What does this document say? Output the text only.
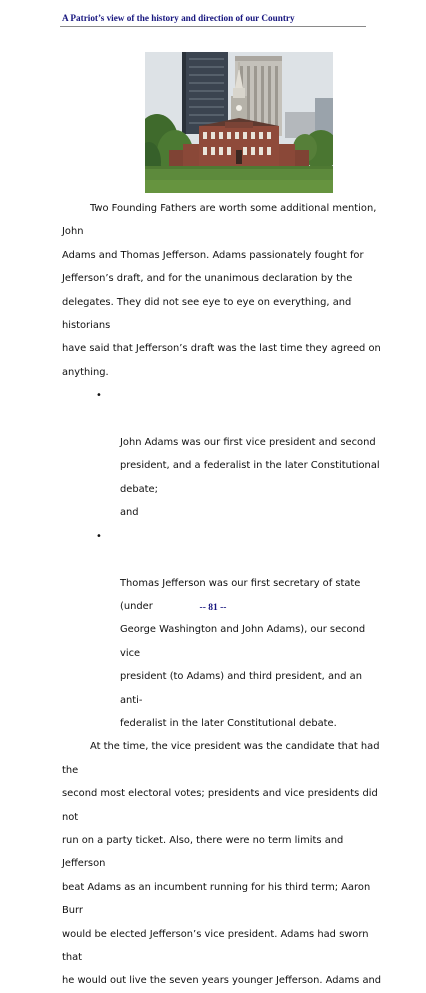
A Patriot’s view of the history and direction of our Country

Two Founding Fathers are worth some additional mention, John
Adams and Thomas Jefferson. Adams passionately fought for
Jefferson’s draft, and for the unanimous declaration by the
delegates. They did not see eye to eye on everything, and historians
have said that Jefferson’s draft was the last time they agreed on
anything.

•

John Adams was our first vice president and second
president, and a federalist in the later Constitutional debate;
and

•

Thomas Jefferson was our first secretary of state (under
George Washington and John Adams), our second vice
president (to Adams) and third president, and an anti-
federalist in the later Constitutional debate.

At the time, the vice president was the candidate that had the
second most electoral votes; presidents and vice presidents did not
run on a party ticket. Also, there were no term limits and Jefferson
beat Adams as an incumbent running for his third term; Aaron Burr
would be elected Jefferson’s vice president. Adams had sworn that
he would out live the seven years younger Jefferson. Adams and

-- 81 --
